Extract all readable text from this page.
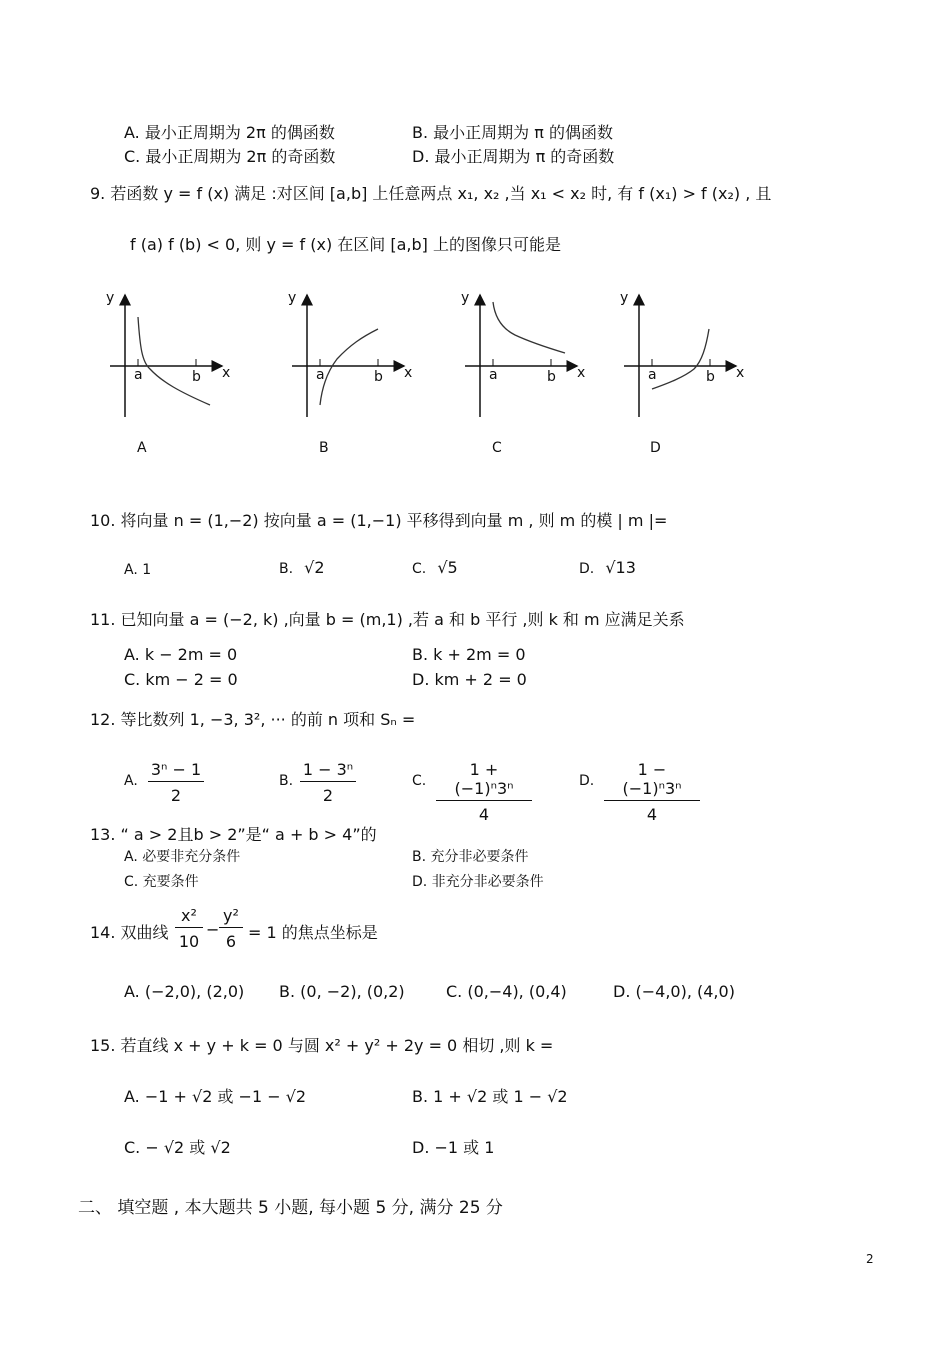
A. 最小正周期为 2π 的偶函数	B. 最小正周期为 π 的偶函数
C. 最小正周期为 2π 的奇函数	D. 最小正周期为 π 的奇函数
9. 若函数 y = f (x) 满足 :对区间 [a,b] 上任意两点 x₁, x₂ ,当 x₁ < x₂ 时, 有 f (x₁) > f (x₂) , 且
f (a) f (b) < 0, 则 y = f (x) 在区间 [a,b] 上的图像只可能是
y
x
a	b
A
y
x
a	b
B
y
x
a	b
C
y
x
a	b
D
10. 将向量 n = (1,−2) 按向量 a = (1,−1) 平移得到向量 m , 则 m 的模 | m |=
A. 1	B. √2	C. √5	D. √13
11. 已知向量 a = (−2, k) ,向量 b = (m,1) ,若 a 和 b 平行 ,则 k 和 m 应满足关系
A. k − 2m = 0	B. k + 2m = 0
C. km − 2 = 0	D. km + 2 = 0
12. 等比数列 1, −3, 3², ··· 的前 n 项和 Sₙ =
A. $\frac{\text{3ⁿ − 1}}{2}$	B. $\frac{\text{1 − 3ⁿ}}{2}$	C. $\frac{\text{1 + (−1)ⁿ3ⁿ}}{4}$	D. $\frac{\text{1 − (−1)ⁿ3ⁿ}}{4}$
13. “ a > 2且b > 2”是“ a + b > 4”的
A. 必要非充分条件	B. 充分非必要条件
C. 充要条件	D. 非充分非必要条件
14. 双曲线 $\frac{\text{x²}}{10} - \frac{\text{y²}}{6} = 1$ 的焦点坐标是
A. (−2,0), (2,0) B. (0, −2), (0,2)	C. (0,−4), (0,4)	D. (−4,0), (4,0)
15. 若直线 x + y + k = 0 与圆 x² + y² + 2y = 0 相切 ,则 k =
A. −1 + √2 或 −1 − √2	B. 1 + √2 或 1 − √2
C. − √2 或 √2	D. −1 或 1
二、 填空题 , 本大题共 5 小题, 每小题 5 分, 满分 25 分
2
